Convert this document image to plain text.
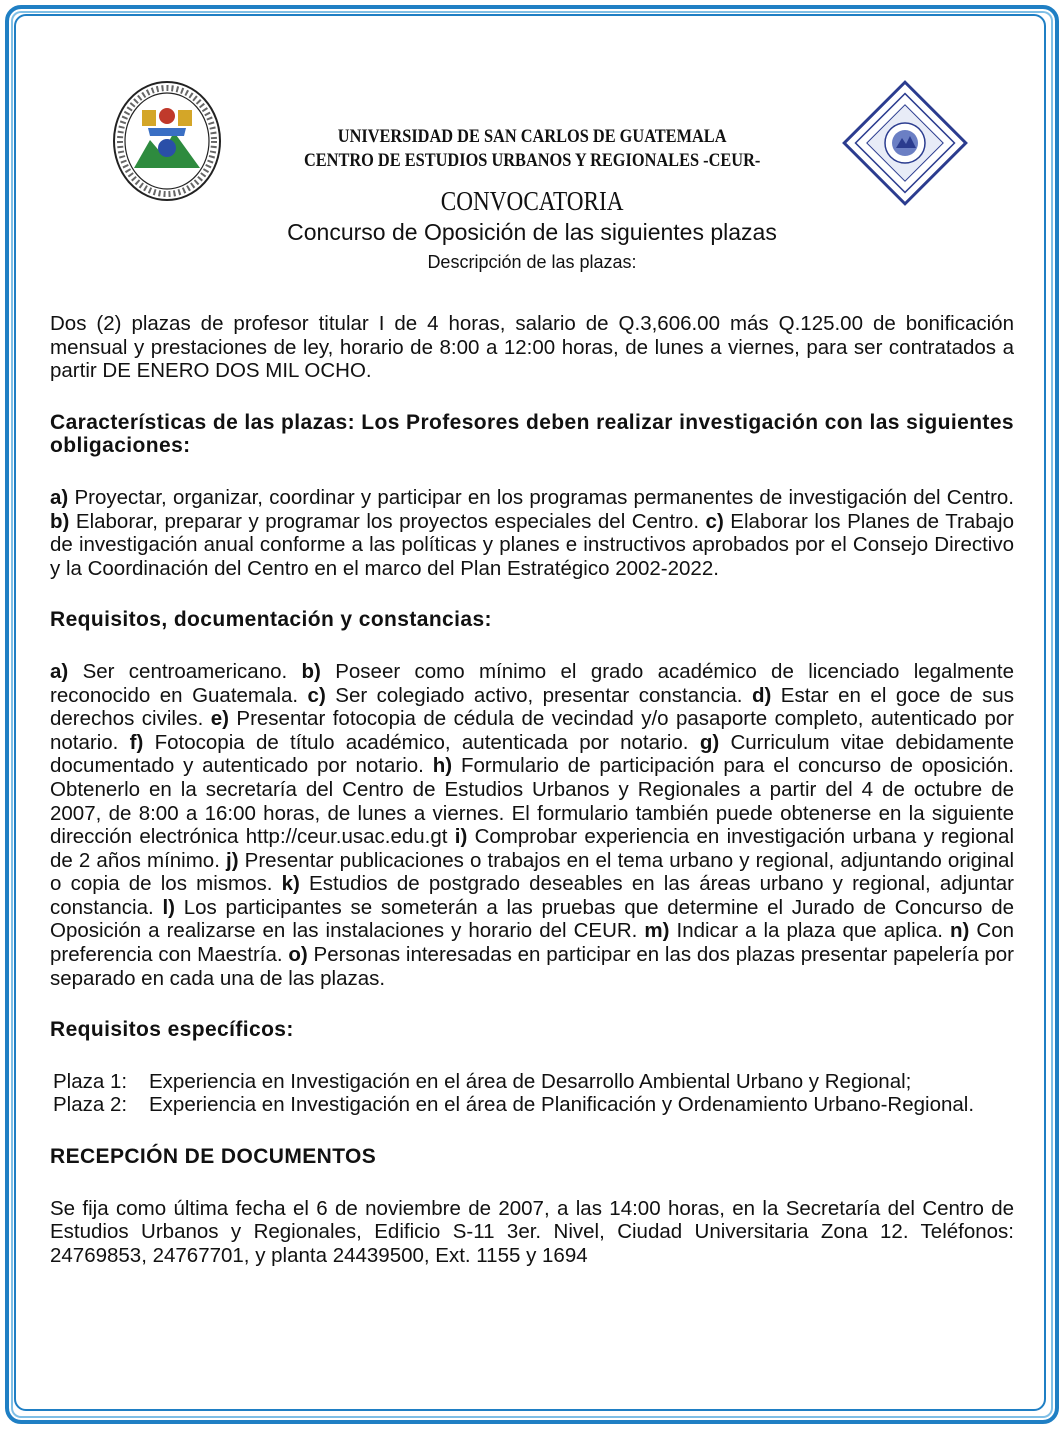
UNIVERSIDAD DE SAN CARLOS DE GUATEMALA
CENTRO DE ESTUDIOS URBANOS Y REGIONALES -CEUR-
CONVOCATORIA
Concurso de Oposición de las siguientes plazas
Descripción de las plazas:

Dos (2) plazas de profesor titular I de 4 horas, salario de Q.3,606.00 más Q.125.00 de bonificación mensual y prestaciones de ley, horario de 8:00 a 12:00 horas, de lunes a viernes, para ser contratados a partir DE ENERO DOS MIL OCHO.

Características de las plazas: Los Profesores deben realizar investigación con las siguientes obligaciones:

a) Proyectar, organizar, coordinar y participar en los programas permanentes de investigación del Centro. b) Elaborar, preparar y programar los proyectos especiales del Centro. c) Elaborar los Planes de Trabajo de investigación anual conforme a las políticas y planes e instructivos aprobados por el Consejo Directivo y la Coordinación del Centro en el marco del Plan Estratégico 2002-2022.

Requisitos, documentación y constancias:

a) Ser centroamericano. b) Poseer como mínimo el grado académico de licenciado legalmente reconocido en Guatemala. c) Ser colegiado activo, presentar constancia. d) Estar en el goce de sus derechos civiles. e) Presentar fotocopia de cédula de vecindad y/o pasaporte completo, autenticado por notario. f) Fotocopia de título académico, autenticada por notario. g) Curriculum vitae debidamente documentado y autenticado por notario. h) Formulario de participación para el concurso de oposición. Obtenerlo en la secretaría del Centro de Estudios Urbanos y Regionales a partir del 4 de octubre de 2007, de 8:00 a 16:00 horas, de lunes a viernes. El formulario también puede obtenerse en la siguiente dirección electrónica http://ceur.usac.edu.gt i) Comprobar experiencia en investigación urbana y regional de 2 años mínimo. j) Presentar publicaciones o trabajos en el tema urbano y regional, adjuntando original o copia de los mismos. k) Estudios de postgrado deseables en las áreas urbano y regional, adjuntar constancia. l) Los participantes se someterán a las pruebas que determine el Jurado de Concurso de Oposición a realizarse en las instalaciones y horario del CEUR. m) Indicar a la plaza que aplica. n) Con preferencia con Maestría. o) Personas interesadas en participar en las dos plazas presentar papelería por separado en cada una de las plazas.

Requisitos específicos:

Plaza 1:	Experiencia en Investigación en el área de Desarrollo Ambiental Urbano y Regional;
Plaza 2:	Experiencia en Investigación en el área de Planificación y Ordenamiento Urbano-Regional.

RECEPCIÓN DE DOCUMENTOS

Se fija como última fecha el 6 de noviembre de 2007, a las 14:00 horas, en la Secretaría del Centro de Estudios Urbanos y Regionales, Edificio S-11 3er. Nivel, Ciudad Universitaria Zona 12. Teléfonos: 24769853, 24767701, y planta 24439500, Ext. 1155 y 1694
